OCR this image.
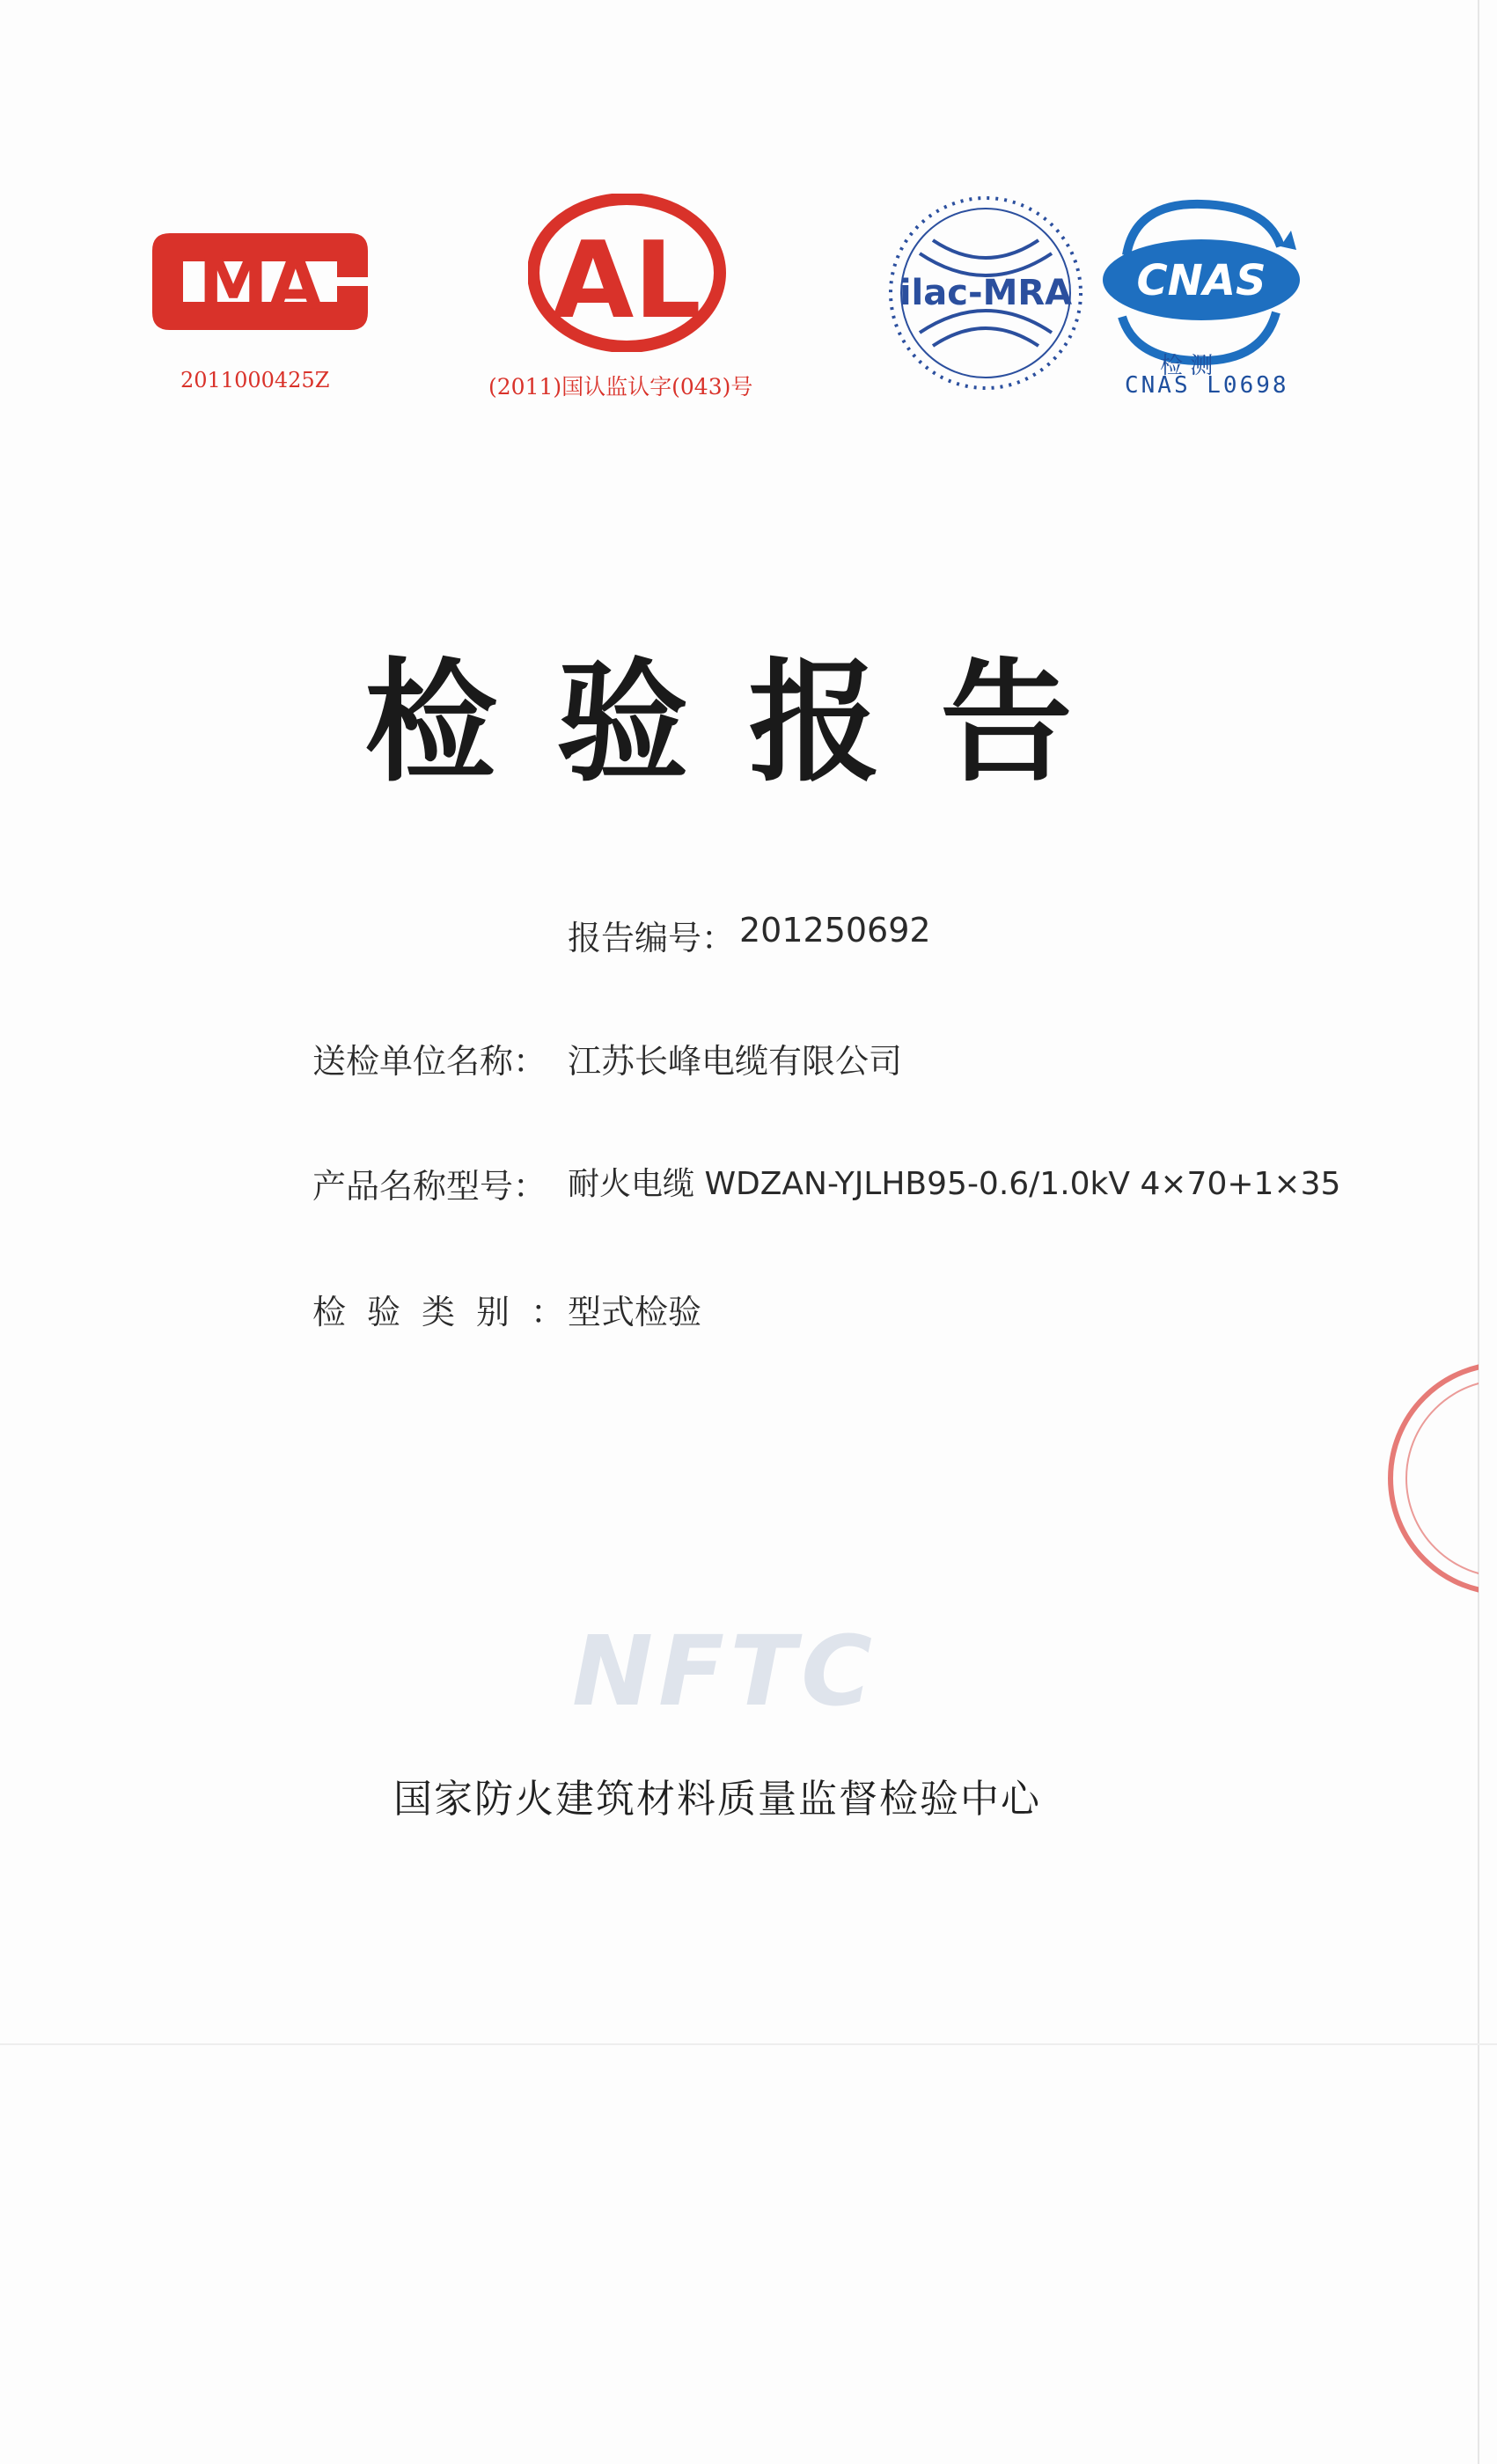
MA
2011000425Z
AL
(2011)国认监认字(043)号
ilac-MRA CNAS
检 测
CNAS L0698
检验报告
报告编号： 201250692
送检单位名称： 江苏长峰电缆有限公司
产品名称型号： 耐火电缆 WDZAN-YJLHB95-0.6/1.0kV 4×70+1×35
检验类别：
型式检验
NFTC
国家防火建筑材料质量监督检验中心
